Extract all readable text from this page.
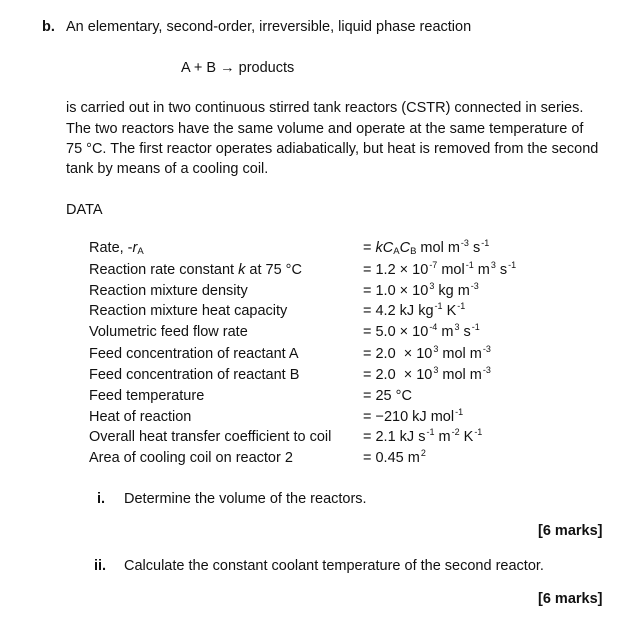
b. An elementary, second-order, irreversible, liquid phase reaction
A + B → products
is carried out in two continuous stirred tank reactors (CSTR) connected in series.
The two reactors have the same volume and operate at the same temperature of
75 °C. The first reactor operates adiabatically, but heat is removed from the second
tank by means of a cooling coil.
DATA
Rate, $-r_A$	= $kC_AC_B$ mol $m^{-3}$ $s^{-1}$
Reaction rate constant k at 75 °C	= $1.2 \times 10^{-7}$ mol$^{-1}$ $m^3$ $s^{-1}$
Reaction mixture density	= $1.0 \times 10^3$ kg $m^{-3}$
Reaction mixture heat capacity	= 4.2 kJ $kg^{-1}$ $K^{-1}$
Volumetric feed flow rate	= $5.0 \times 10^{-4}$ $m^3$ $s^{-1}$
Feed concentration of reactant A	= $2.0 \times 10^3$ mol $m^{-3}$
Feed concentration of reactant B	= $2.0 \times 10^3$ mol $m^{-3}$
Feed temperature	= 25 °C
Heat of reaction	= −210 kJ mol$^{-1}$
Overall heat transfer coefficient to coil = 2.1 kJ $s^{-1}$ $m^{-2}$ $K^{-1}$
Area of cooling coil on reactor 2	= 0.45 $m^2$
i. Determine the volume of the reactors.
[6 marks]
ii. Calculate the constant coolant temperature of the second reactor.
[6 marks]
